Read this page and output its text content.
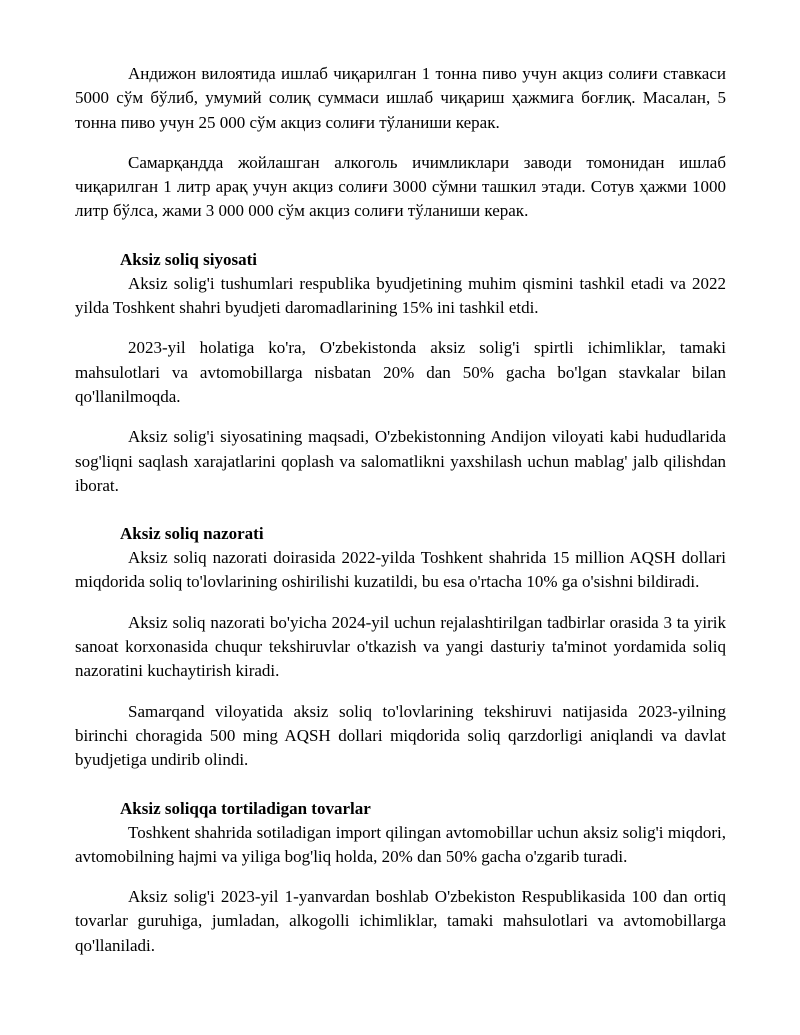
Андижон вилоятида ишлаб чиқарилган 1 тонна пиво учун акциз солиғи ставкаси 5000 сўм бўлиб, умумий солиқ суммаси ишлаб чиқариш ҳажмига боғлиқ. Масалан, 5 тонна пиво учун 25 000 сўм акциз солиғи тўланиши керак.

Самарқандда жойлашган алкоголь ичимликлари заводи томонидан ишлаб чиқарилган 1 литр арақ учун акциз солиғи 3000 сўмни ташкил этади. Сотув ҳажми 1000 литр бўлса, жами 3 000 000 сўм акциз солиғи тўланиши керак.

Aksiz soliq siyosati

Aksiz solig'i tushumlari respublika byudjetining muhim qismini tashkil etadi va 2022 yilda Toshkent shahri byudjeti daromadlarining 15% ini tashkil etdi.

2023-yil holatiga ko'ra, O'zbekistonda aksiz solig'i spirtli ichimliklar, tamaki mahsulotlari va avtomobillarga nisbatan 20% dan 50% gacha bo'lgan stavkalar bilan qo'llanilmoqda.

Aksiz solig'i siyosatining maqsadi, O'zbekistonning Andijon viloyati kabi hududlarida sog'liqni saqlash xarajatlarini qoplash va salomatlikni yaxshilash uchun mablag' jalb qilishdan iborat.

Aksiz soliq nazorati

Aksiz soliq nazorati doirasida 2022-yilda Toshkent shahrida 15 million AQSH dollari miqdorida soliq to'lovlarining oshirilishi kuzatildi, bu esa o'rtacha 10% ga o'sishni bildiradi.

Aksiz soliq nazorati bo'yicha 2024-yil uchun rejalashtirilgan tadbirlar orasida 3 ta yirik sanoat korxonasida chuqur tekshiruvlar o'tkazish va yangi dasturiy ta'minot yordamida soliq nazoratini kuchaytirish kiradi.

Samarqand viloyatida aksiz soliq to'lovlarining tekshiruvi natijasida 2023-yilning birinchi choragida 500 ming AQSH dollari miqdorida soliq qarzdorligi aniqlandi va davlat byudjetiga undirib olindi.

Aksiz soliqqa tortiladigan tovarlar

Toshkent shahrida sotiladigan import qilingan avtomobillar uchun aksiz solig'i miqdori, avtomobilning hajmi va yiliga bog'liq holda, 20% dan 50% gacha o'zgarib turadi.

Aksiz solig'i 2023-yil 1-yanvardan boshlab O'zbekiston Respublikasida 100 dan ortiq tovarlar guruhiga, jumladan, alkogolli ichimliklar, tamaki mahsulotlari va avtomobillarga qo'llaniladi.
